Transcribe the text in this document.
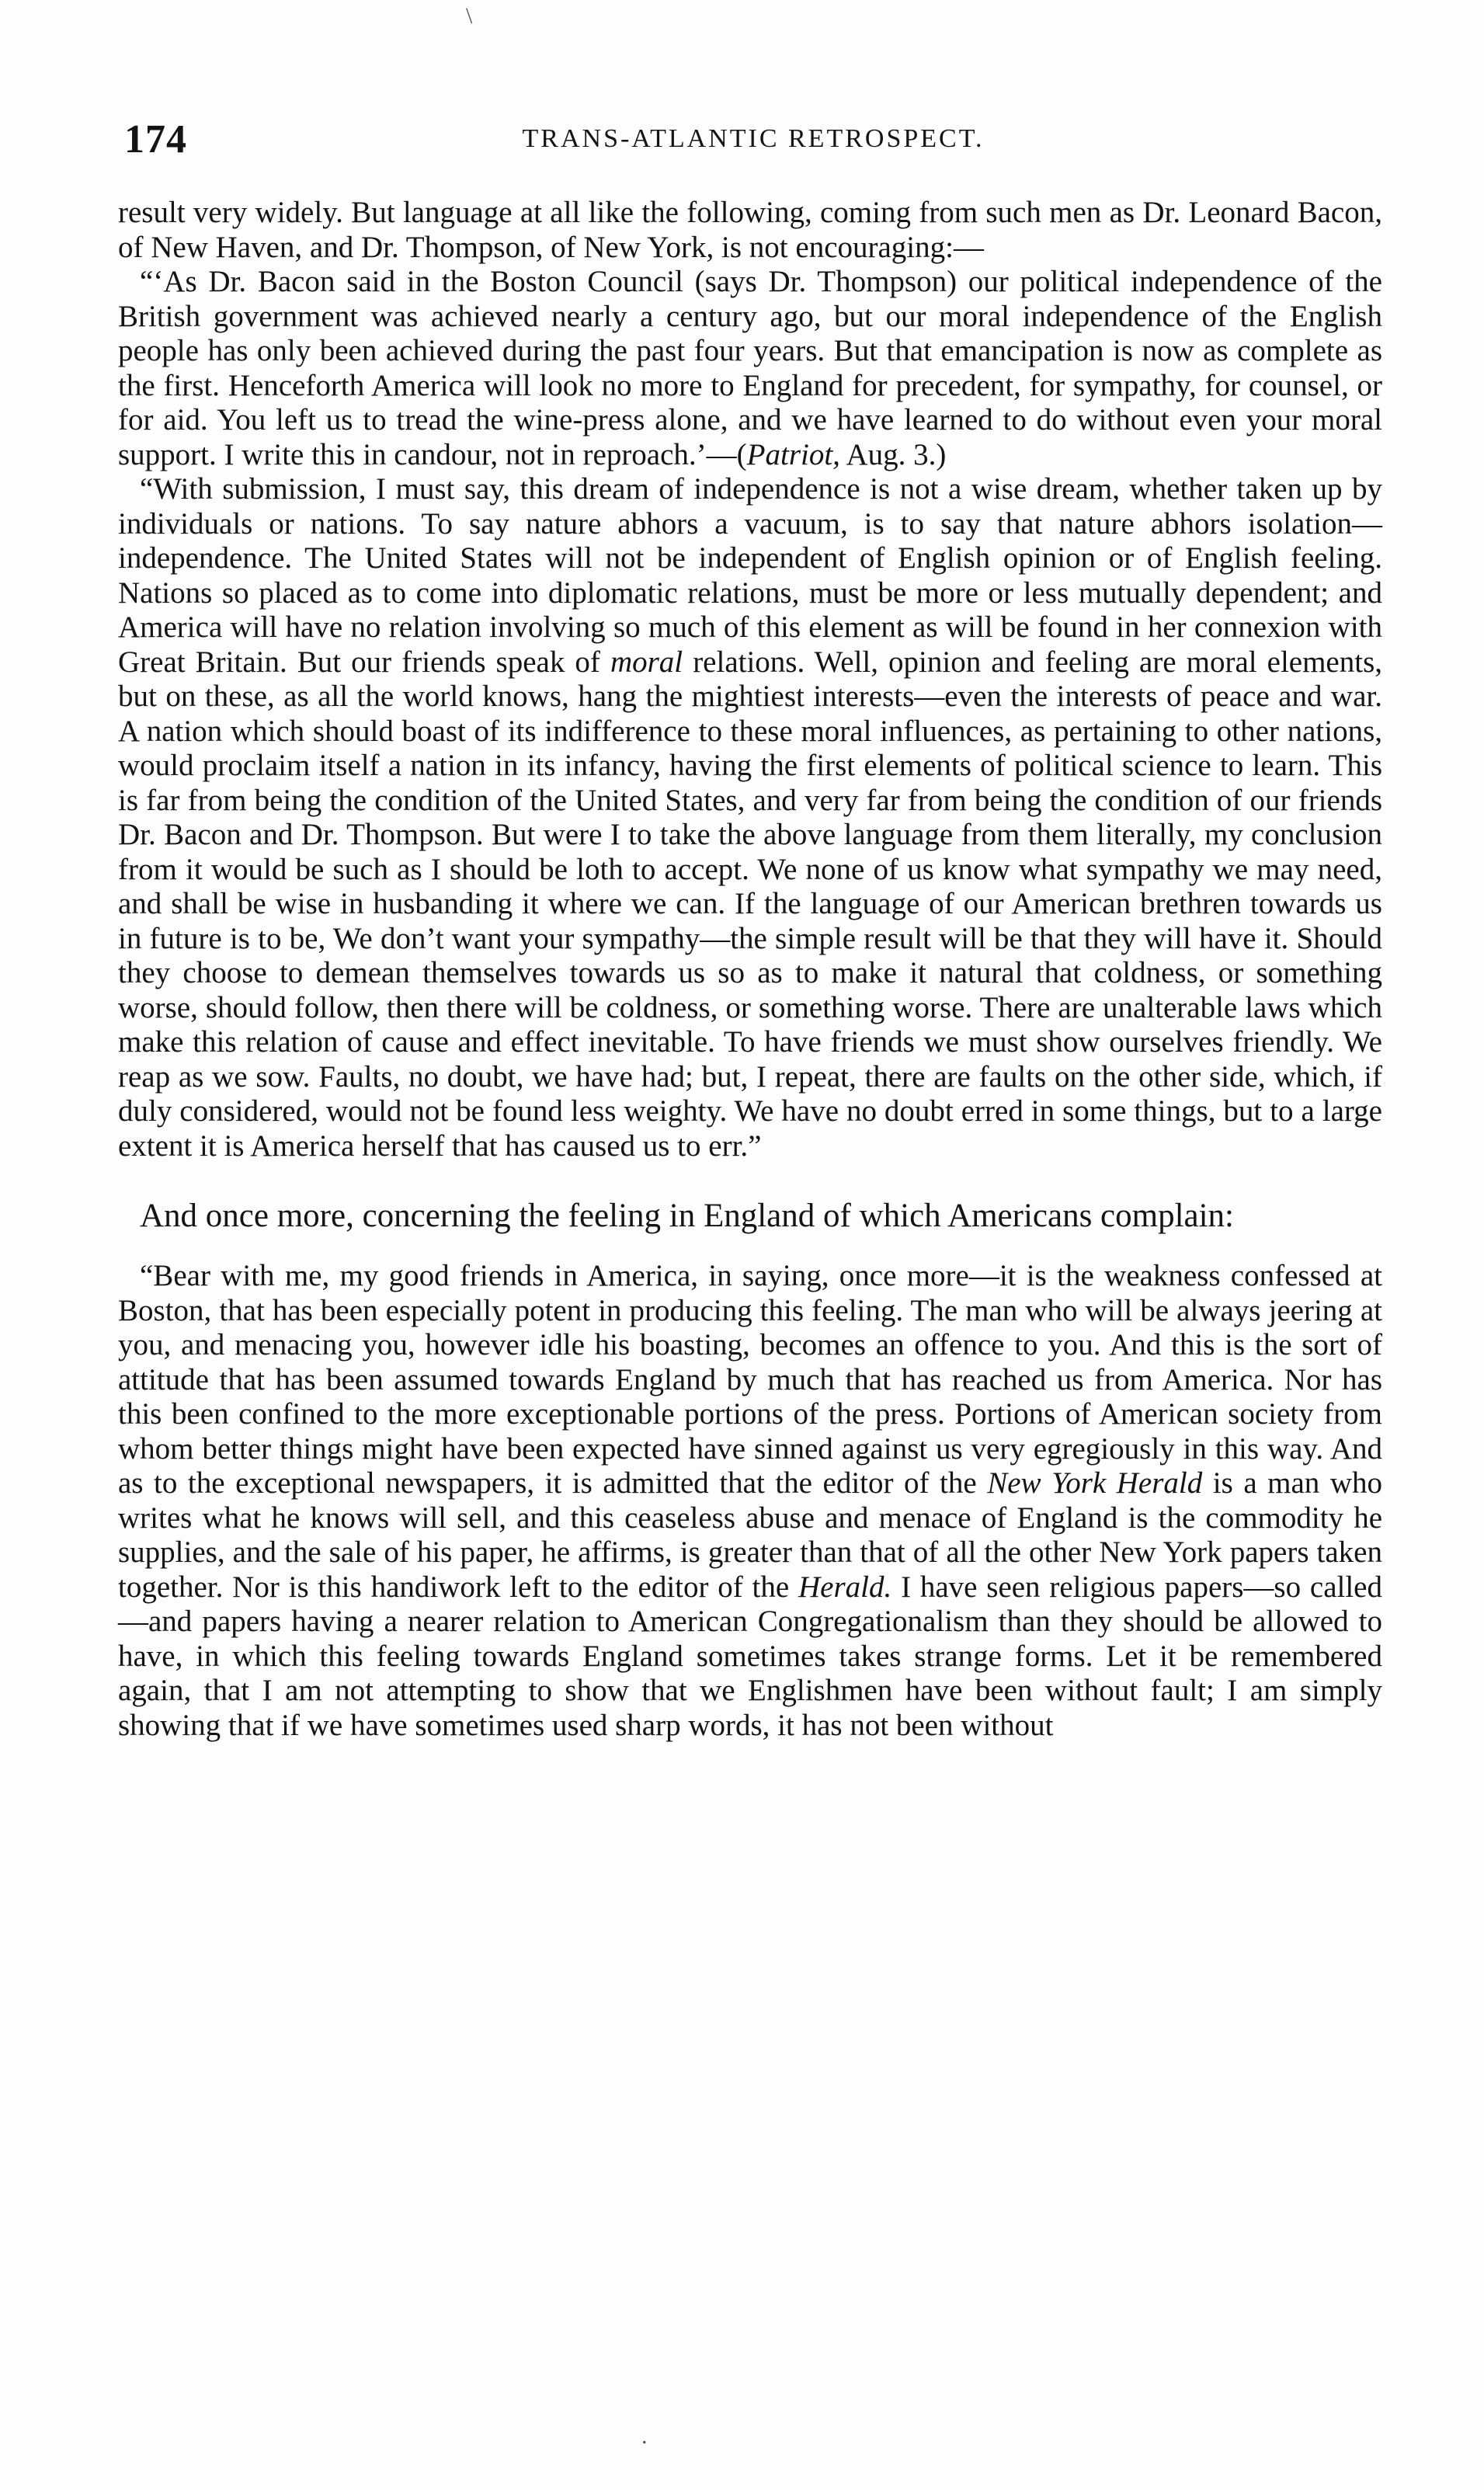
\
174	TRANS-ATLANTIC RETROSPECT.

result very widely. But language at all like the following, coming from such men as Dr. Leonard Bacon, of New Haven, and Dr. Thompson, of New York, is not encouraging:—

“‘As Dr. Bacon said in the Boston Council (says Dr. Thompson) our political independence of the British government was achieved nearly a century ago, but our moral independence of the English people has only been achieved during the past four years. But that emancipation is now as complete as the first. Henceforth America will look no more to England for precedent, for sympathy, for counsel, or for aid. You left us to tread the wine-press alone, and we have learned to do without even your moral support. I write this in candour, not in reproach.’—(Patriot, Aug. 3.)

“With submission, I must say, this dream of independence is not a wise dream, whether taken up by individuals or nations. To say nature abhors a vacuum, is to say that nature abhors isolation—independence. The United States will not be independent of English opinion or of English feeling. Nations so placed as to come into diplomatic relations, must be more or less mutually dependent; and America will have no relation involving so much of this element as will be found in her connexion with Great Britain. But our friends speak of moral relations. Well, opinion and feeling are moral elements, but on these, as all the world knows, hang the mightiest interests—even the interests of peace and war. A nation which should boast of its indifference to these moral influences, as pertaining to other nations, would proclaim itself a nation in its infancy, having the first elements of political science to learn. This is far from being the condition of the United States, and very far from being the condition of our friends Dr. Bacon and Dr. Thompson. But were I to take the above language from them literally, my conclusion from it would be such as I should be loth to accept. We none of us know what sympathy we may need, and shall be wise in husbanding it where we can. If the language of our American brethren towards us in future is to be, We don’t want your sympathy—the simple result will be that they will have it. Should they choose to demean themselves towards us so as to make it natural that coldness, or something worse, should follow, then there will be coldness, or something worse. There are unalterable laws which make this relation of cause and effect inevitable. To have friends we must show ourselves friendly. We reap as we sow. Faults, no doubt, we have had; but, I repeat, there are faults on the other side, which, if duly considered, would not be found less weighty. We have no doubt erred in some things, but to a large extent it is America herself that has caused us to err.”

And once more, concerning the feeling in England of which Americans complain:

“Bear with me, my good friends in America, in saying, once more—it is the weakness confessed at Boston, that has been especially potent in producing this feeling. The man who will be always jeering at you, and menacing you, however idle his boasting, becomes an offence to you. And this is the sort of attitude that has been assumed towards England by much that has reached us from America. Nor has this been confined to the more exceptionable portions of the press. Portions of American society from whom better things might have been expected have sinned against us very egregiously in this way. And as to the exceptional newspapers, it is admitted that the editor of the New York Herald is a man who writes what he knows will sell, and this ceaseless abuse and menace of England is the commodity he supplies, and the sale of his paper, he affirms, is greater than that of all the other New York papers taken together. Nor is this handiwork left to the editor of the Herald. I have seen religious papers—so called—and papers having a nearer relation to American Congregationalism than they should be allowed to have, in which this feeling towards England sometimes takes strange forms. Let it be remembered again, that I am not attempting to show that we Englishmen have been without fault; I am simply showing that if we have sometimes used sharp words, it has not been without

.
